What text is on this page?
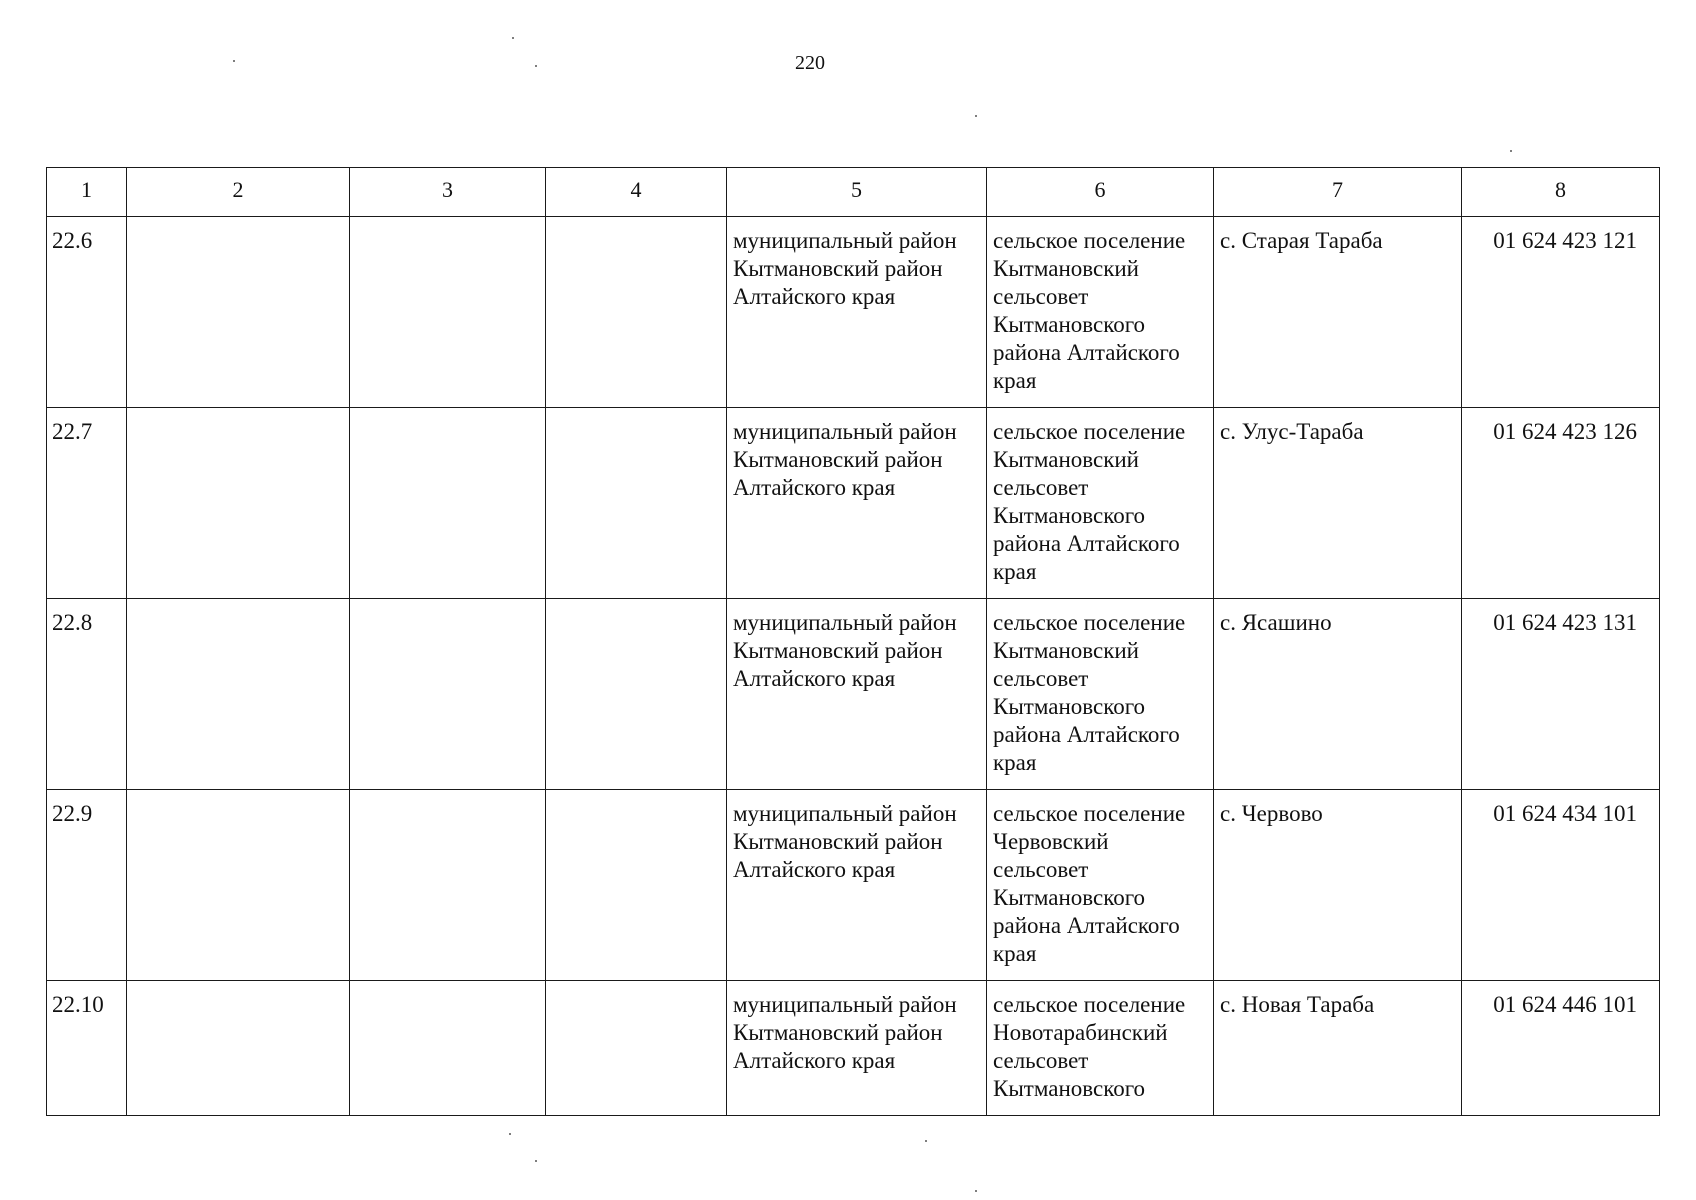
220
1	2	3	4	5	6	7	8
22.6				муниципальный район Кытмановский район Алтайского края	сельское поселение Кытмановский сельсовет Кытмановского района Алтайского края	с. Старая Тараба	01 624 423 121
22.7				муниципальный район Кытмановский район Алтайского края	сельское поселение Кытмановский сельсовет Кытмановского района Алтайского края	с. Улус-Тараба	01 624 423 126
22.8				муниципальный район Кытмановский район Алтайского края	сельское поселение Кытмановский сельсовет Кытмановского района Алтайского края	с. Ясашино	01 624 423 131
22.9				муниципальный район Кытмановский район Алтайского края	сельское поселение Червовский сельсовет Кытмановского района Алтайского края	с. Червово	01 624 434 101
22.10				муниципальный район Кытмановский район Алтайского края	сельское поселение Новотарабинский сельсовет Кытмановского	с. Новая Тараба	01 624 446 101
